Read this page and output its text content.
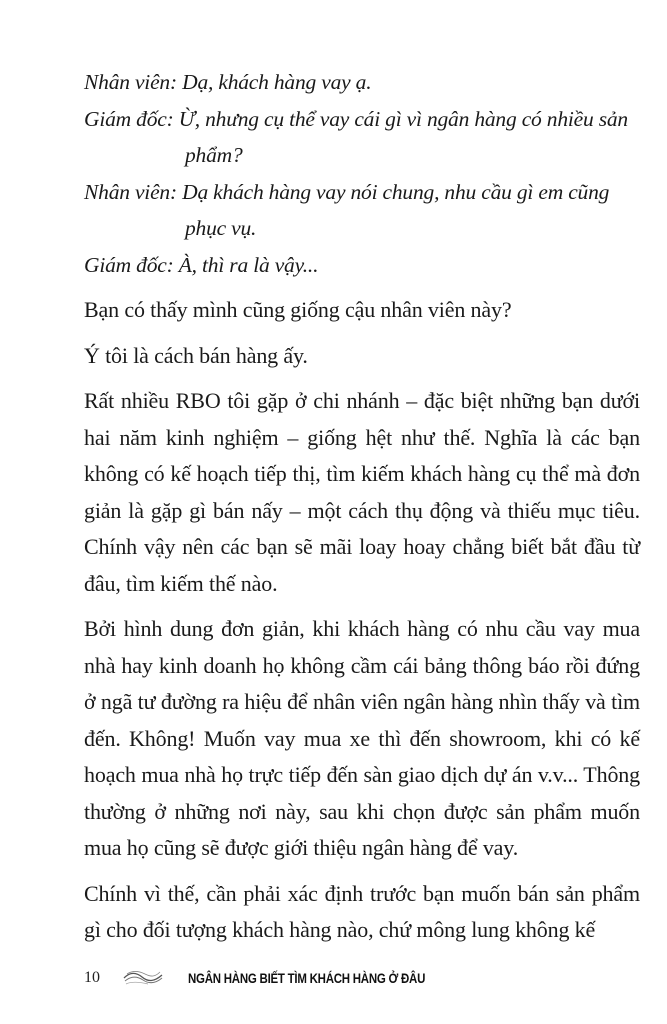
Nhân viên: Dạ, khách hàng vay ạ.

Giám đốc: Ừ, nhưng cụ thể vay cái gì vì ngân hàng có nhiều sản phẩm?

Nhân viên: Dạ khách hàng vay nói chung, nhu cầu gì em cũng phục vụ.

Giám đốc: À, thì ra là vậy...

Bạn có thấy mình cũng giống cậu nhân viên này?

Ý tôi là cách bán hàng ấy.

Rất nhiều RBO tôi gặp ở chi nhánh – đặc biệt những bạn dưới hai năm kinh nghiệm – giống hệt như thế. Nghĩa là các bạn không có kế hoạch tiếp thị, tìm kiếm khách hàng cụ thể mà đơn giản là gặp gì bán nấy – một cách thụ động và thiếu mục tiêu. Chính vậy nên các bạn sẽ mãi loay hoay chẳng biết bắt đầu từ đâu, tìm kiếm thế nào.

Bởi hình dung đơn giản, khi khách hàng có nhu cầu vay mua nhà hay kinh doanh họ không cầm cái bảng thông báo rồi đứng ở ngã tư đường ra hiệu để nhân viên ngân hàng nhìn thấy và tìm đến. Không! Muốn vay mua xe thì đến showroom, khi có kế hoạch mua nhà họ trực tiếp đến sàn giao dịch dự án v.v... Thông thường ở những nơi này, sau khi chọn được sản phẩm muốn mua họ cũng sẽ được giới thiệu ngân hàng để vay.

Chính vì thế, cần phải xác định trước bạn muốn bán sản phẩm gì cho đối tượng khách hàng nào, chứ mông lung không kế

10	NGÂN HÀNG BIẾT TÌM KHÁCH HÀNG Ở ĐÂU
